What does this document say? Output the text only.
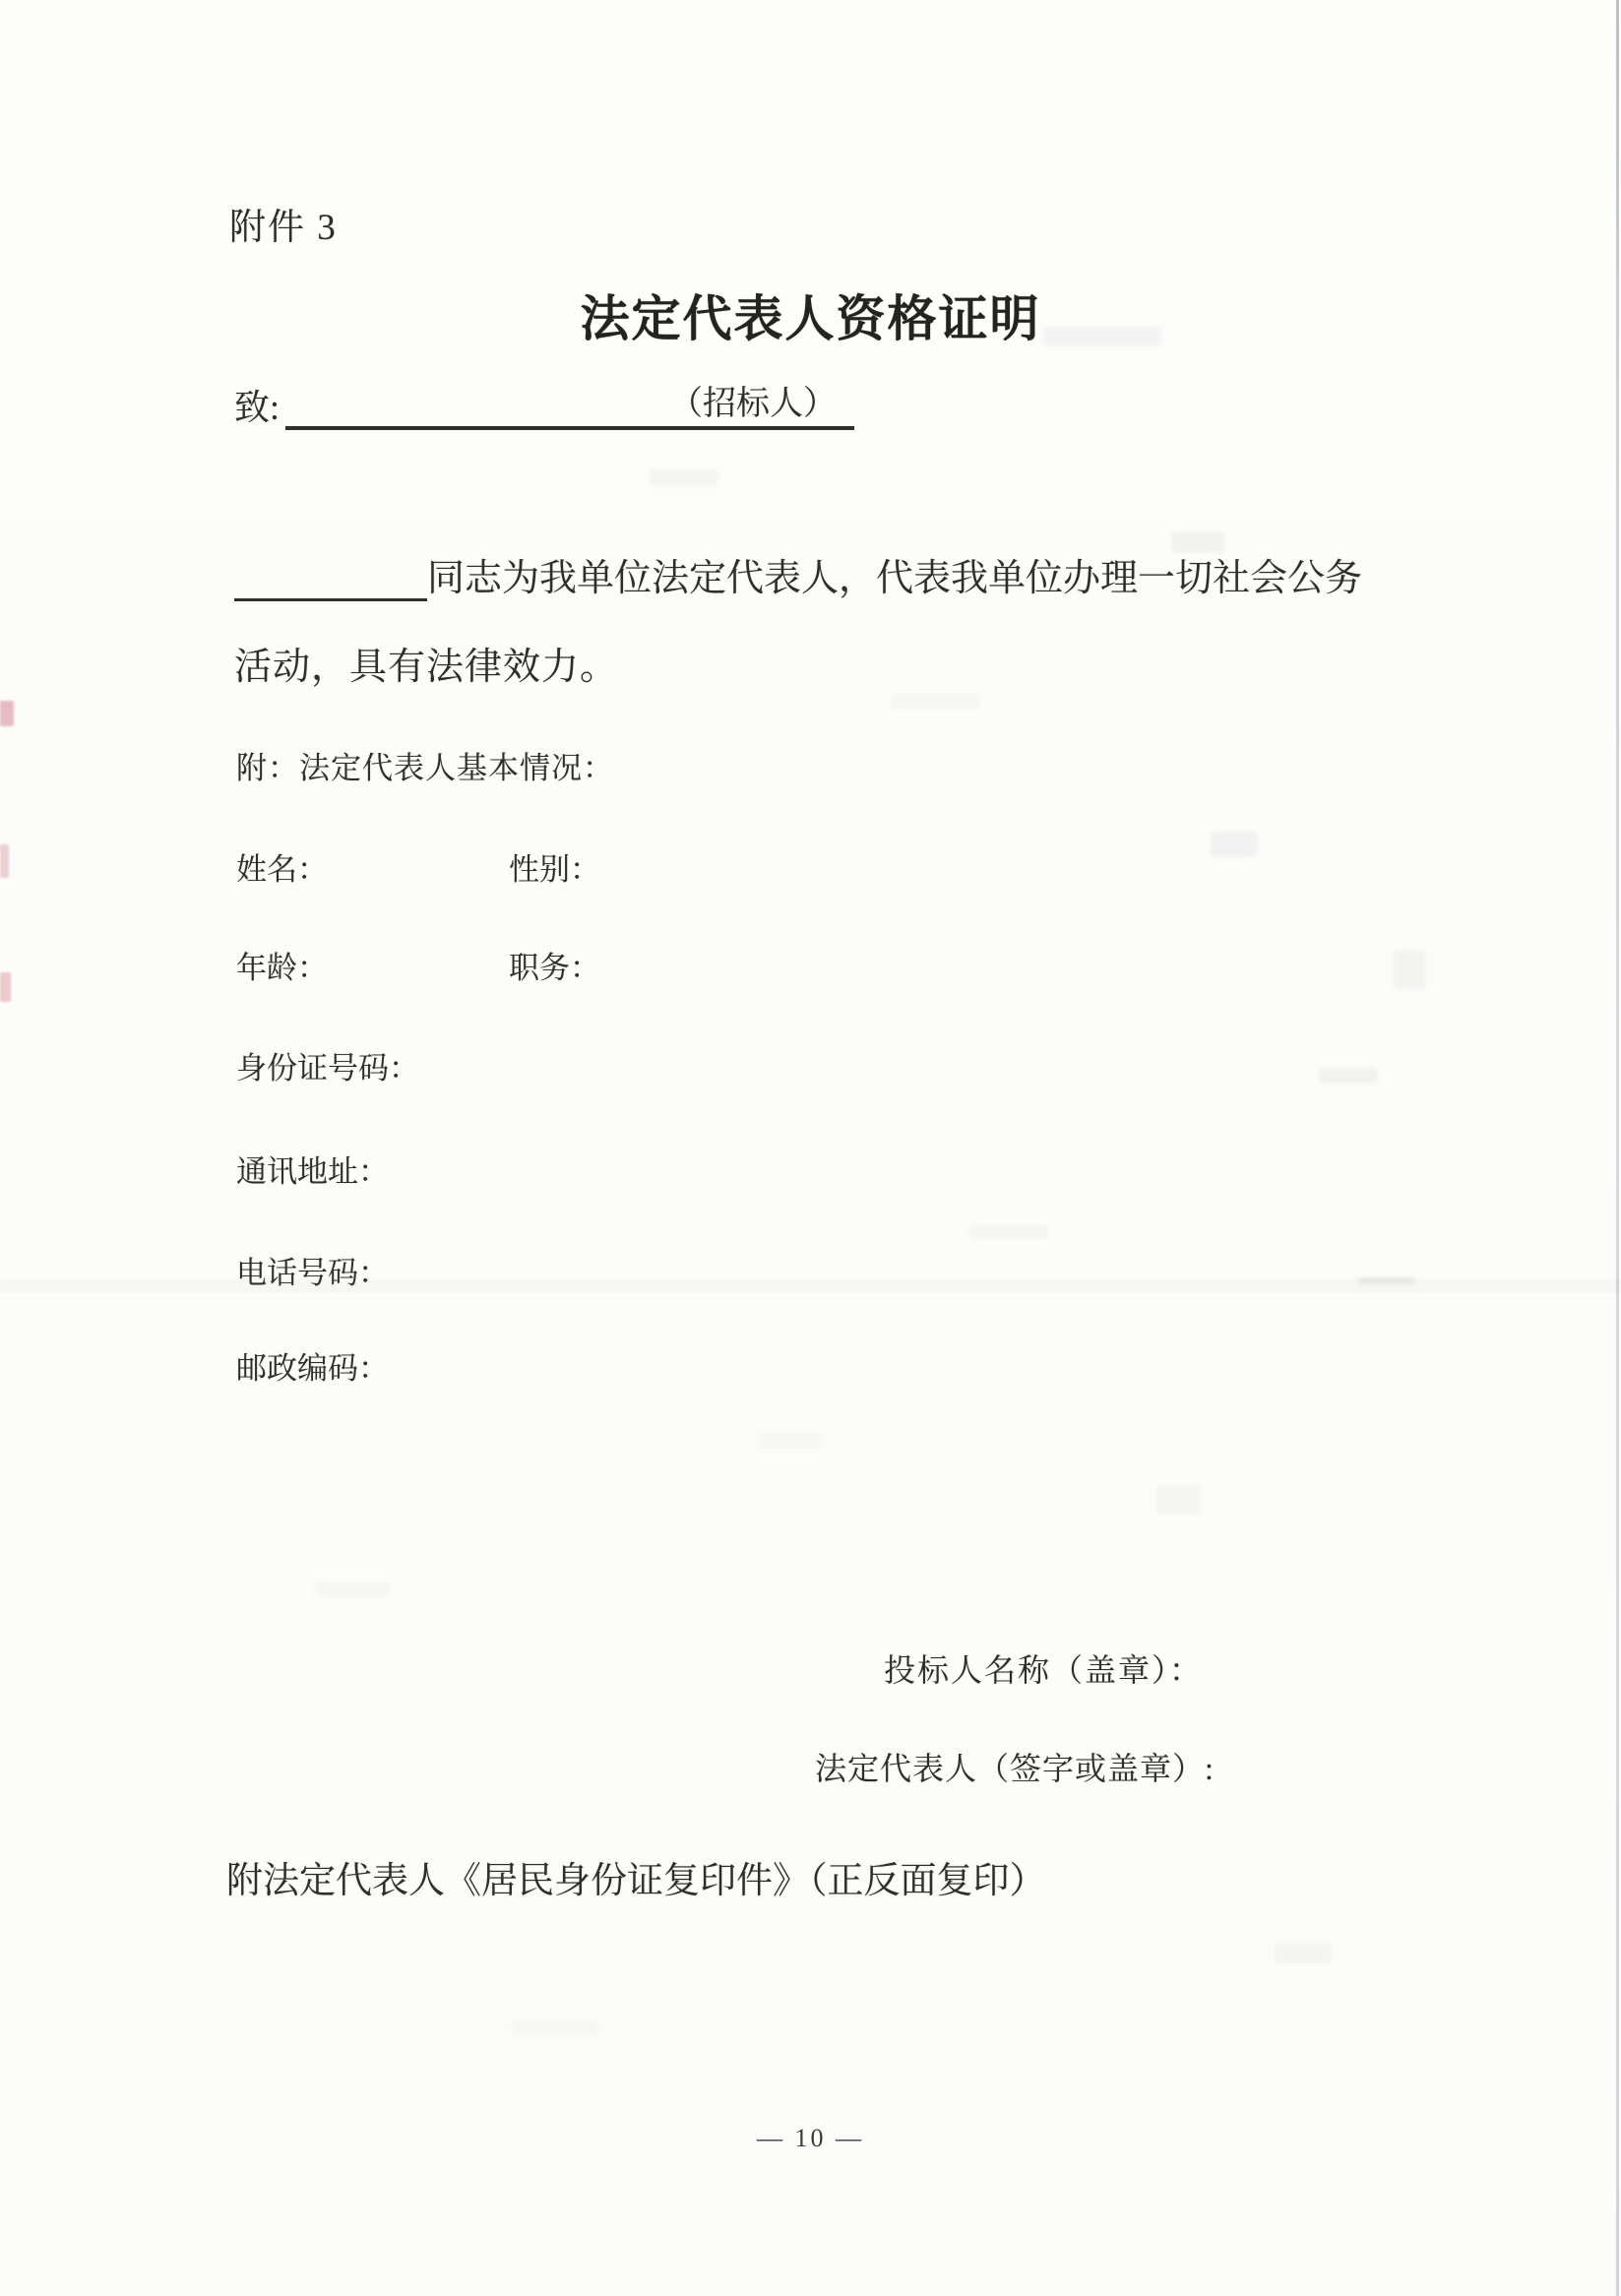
附件 3
法定代表人资格证明
致:	（招标人）
同志为我单位法定代表人，代表我单位办理一切社会公务
活动，具有法律效力。
附：法定代表人基本情况：
姓名：	性别：
年龄：	职务：
身份证号码：
通讯地址：
电话号码：
邮政编码：
投标人名称（盖章）：
法定代表人（签字或盖章）:
附法定代表人《居民身份证复印件》（正反面复印）
— 10 —
